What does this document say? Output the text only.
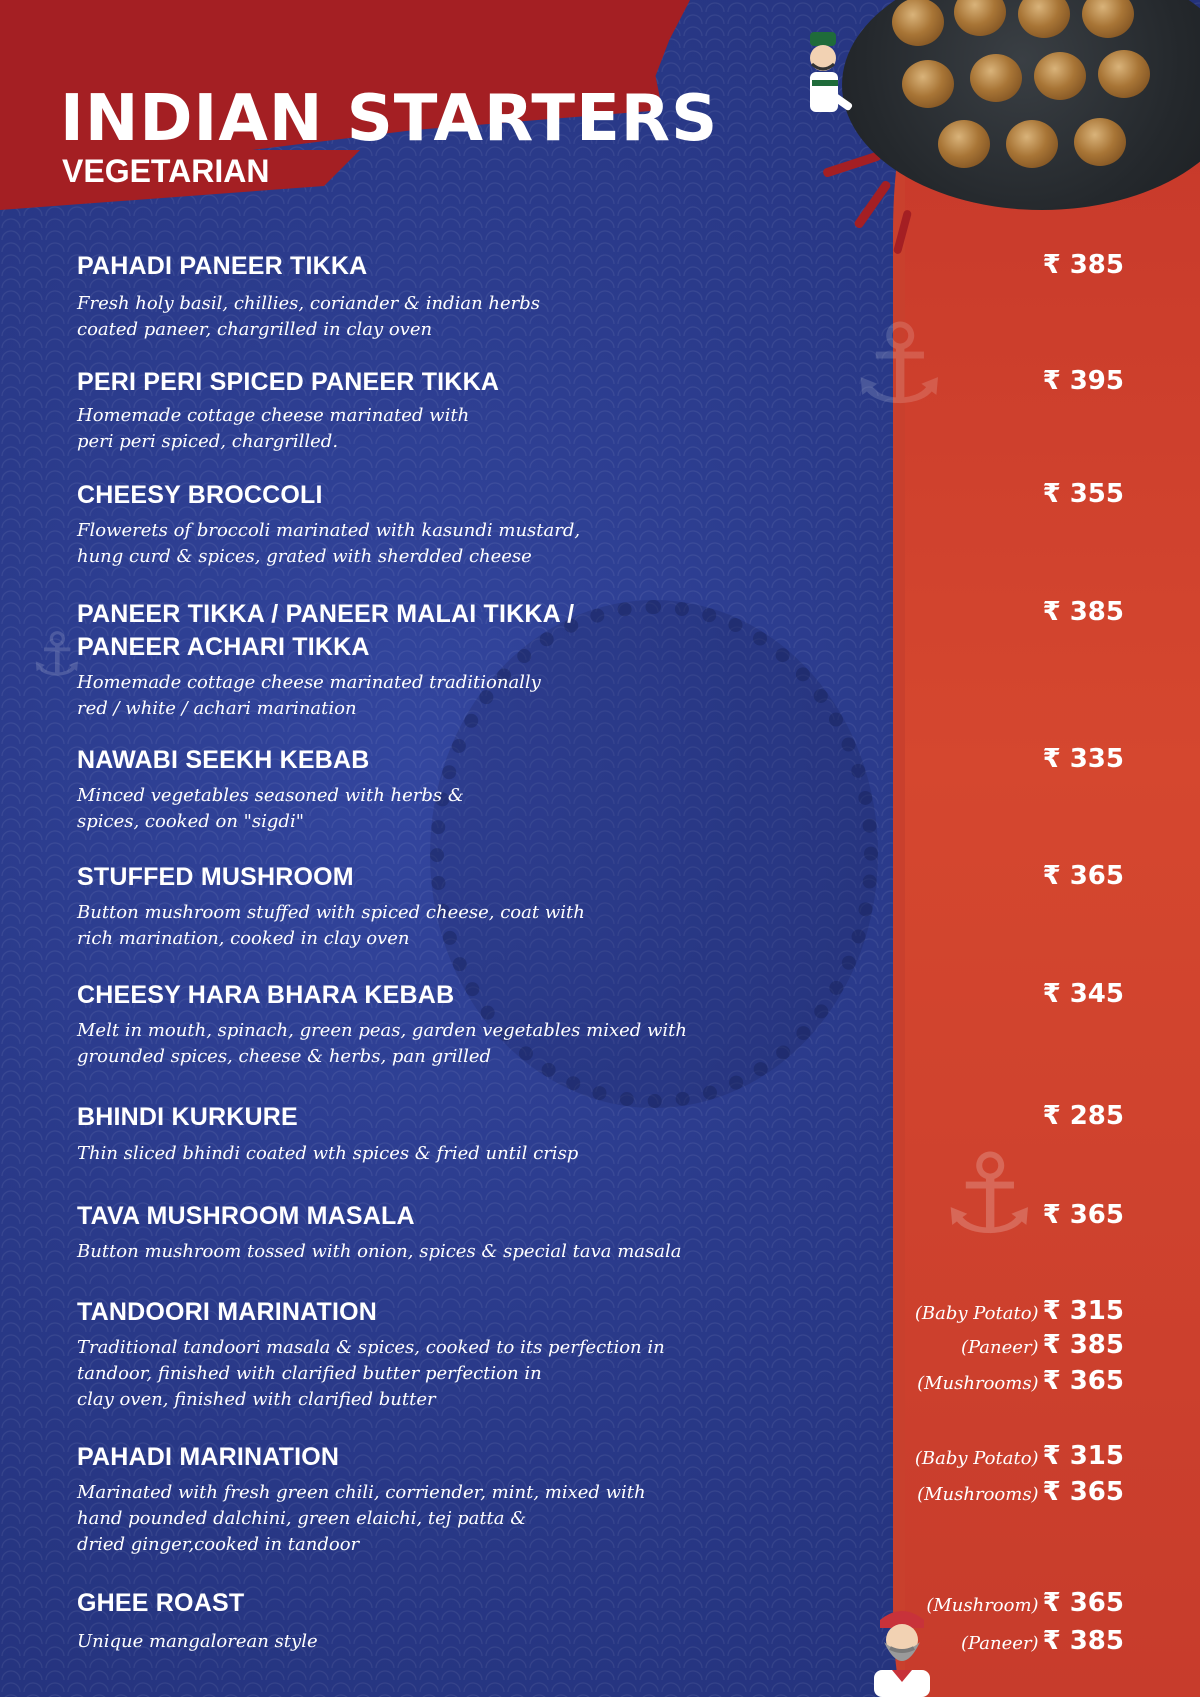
⚓
⚓
⚓
INDIAN STARTERS
VEGETARIAN
PAHADI PANEER TIKKA

Fresh holy basil, chillies, coriander & indian herbs
coated paneer, chargrilled in clay oven

₹ 385
PERI PERI SPICED PANEER TIKKA

Homemade cottage cheese marinated with
peri peri spiced, chargrilled.

₹ 395
CHEESY BROCCOLI

Flowerets of broccoli marinated with kasundi mustard,
hung curd & spices, grated with sherdded cheese

₹ 355
PANEER TIKKA / PANEER MALAI TIKKA /
PANEER ACHARI TIKKA

Homemade cottage cheese marinated traditionally
red / white / achari marination

₹ 385
NAWABI SEEKH KEBAB

Minced vegetables seasoned with herbs &
spices, cooked on "sigdi"

₹ 335
STUFFED MUSHROOM

Button mushroom stuffed with spiced cheese, coat with
rich marination, cooked in clay oven

₹ 365
CHEESY HARA BHARA KEBAB

Melt in mouth, spinach, green peas, garden vegetables mixed with
grounded spices, cheese & herbs, pan grilled

₹ 345
BHINDI KURKURE

Thin sliced bhindi coated wth spices & fried until crisp

₹ 285
TAVA MUSHROOM MASALA

Button mushroom tossed with onion, spices & special tava masala

₹ 365
TANDOORI MARINATION

Traditional tandoori masala & spices, cooked to its perfection in
tandoor, finished with clarified butter perfection in
clay oven, finished with clarified butter

(Baby Potato) ₹ 315
(Paneer) ₹ 385
(Mushrooms) ₹ 365
PAHADI MARINATION

Marinated with fresh green chili, corriender, mint, mixed with
hand pounded dalchini, green elaichi, tej patta &
dried ginger,cooked in tandoor

(Baby Potato) ₹ 315
(Mushrooms) ₹ 365
GHEE ROAST

Unique mangalorean style

(Mushroom) ₹ 365
(Paneer) ₹ 385
